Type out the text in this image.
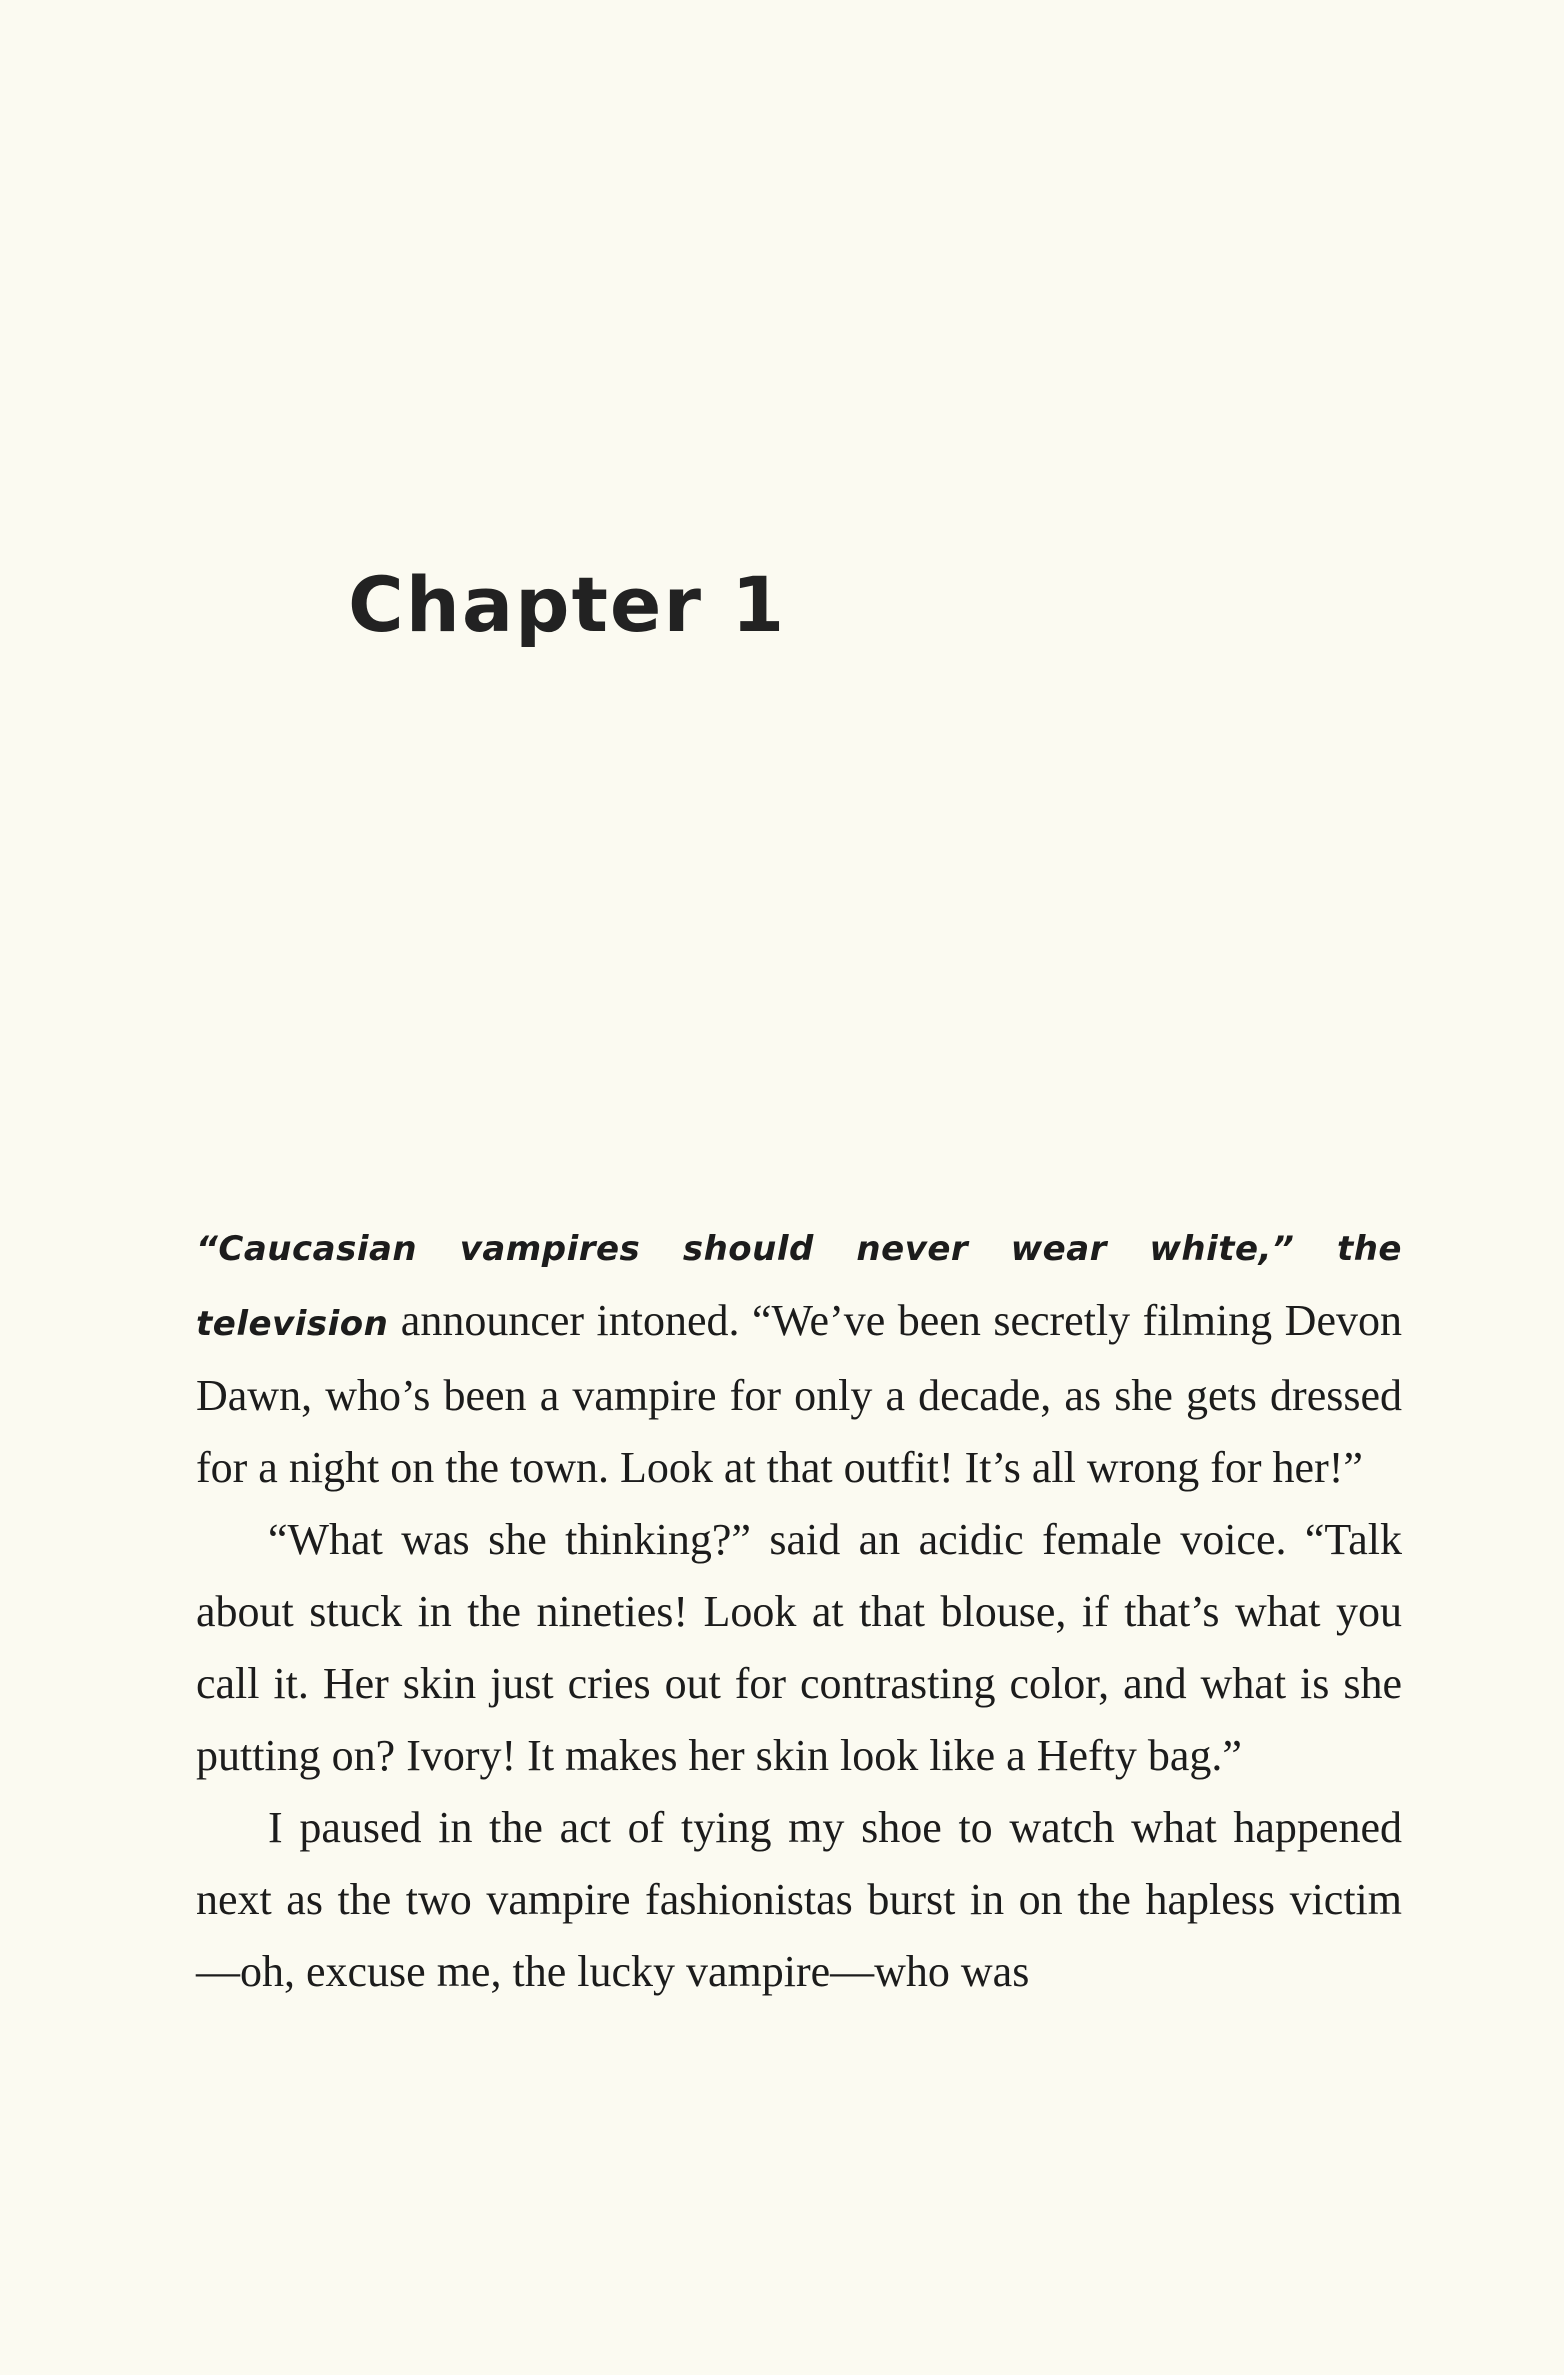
Chapter 1

“Caucasian vampires should never wear white,” the television announcer intoned. “We’ve been secretly filming Devon Dawn, who’s been a vampire for only a decade, as she gets dressed for a night on the town. Look at that outfit! It’s all wrong for her!”

“What was she thinking?” said an acidic female voice. “Talk about stuck in the nineties! Look at that blouse, if that’s what you call it. Her skin just cries out for contrasting color, and what is she putting on? Ivory! It makes her skin look like a Hefty bag.”

I paused in the act of tying my shoe to watch what happened next as the two vampire fashionistas burst in on the hapless victim—oh, excuse me, the lucky vampire—who was
